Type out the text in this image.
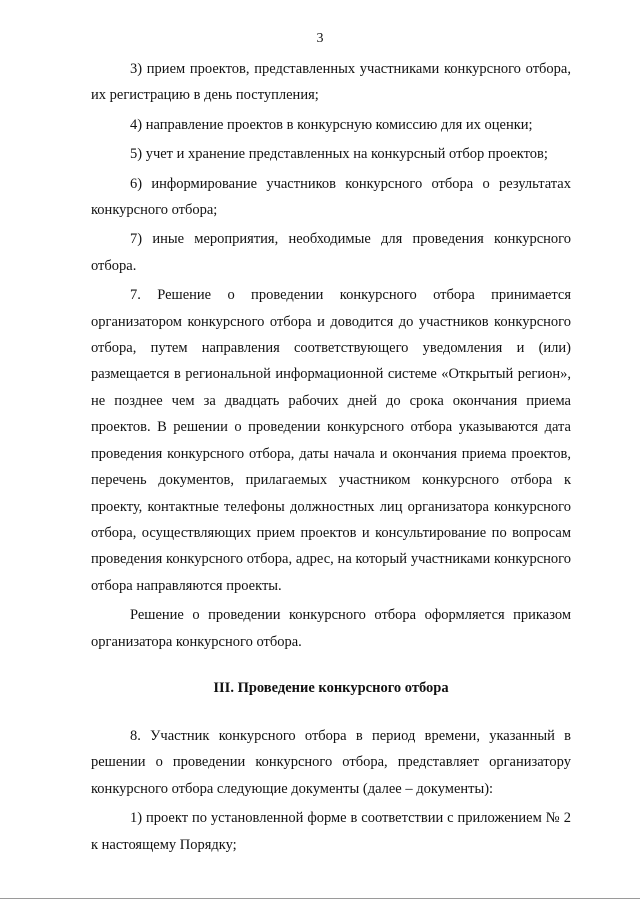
3

3) прием проектов, представленных участниками конкурсного отбора, их регистрацию в день поступления;

4) направление проектов в конкурсную комиссию для их оценки;

5) учет и хранение представленных на конкурсный отбор проектов;

6) информирование участников конкурсного отбора о результатах конкурсного отбора;

7) иные мероприятия, необходимые для проведения конкурсного отбора.

7. Решение о проведении конкурсного отбора принимается организатором конкурсного отбора и доводится до участников конкурсного отбора, путем направления соответствующего уведомления и (или) размещается в региональной информационной системе «Открытый регион», не позднее чем за двадцать рабочих дней до срока окончания приема проектов. В решении о проведении конкурсного отбора указываются дата проведения конкурсного отбора, даты начала и окончания приема проектов, перечень документов, прилагаемых участником конкурсного отбора к проекту, контактные телефоны должностных лиц организатора конкурсного отбора, осуществляющих прием проектов и консультирование по вопросам проведения конкурсного отбора, адрес, на который участниками конкурсного отбора направляются проекты.

Решение о проведении конкурсного отбора оформляется приказом организатора конкурсного отбора.

III. Проведение конкурсного отбора

8. Участник конкурсного отбора в период времени, указанный в решении о проведении конкурсного отбора, представляет организатору конкурсного отбора следующие документы (далее – документы):

1) проект по установленной форме в соответствии с приложением № 2 к настоящему Порядку;
